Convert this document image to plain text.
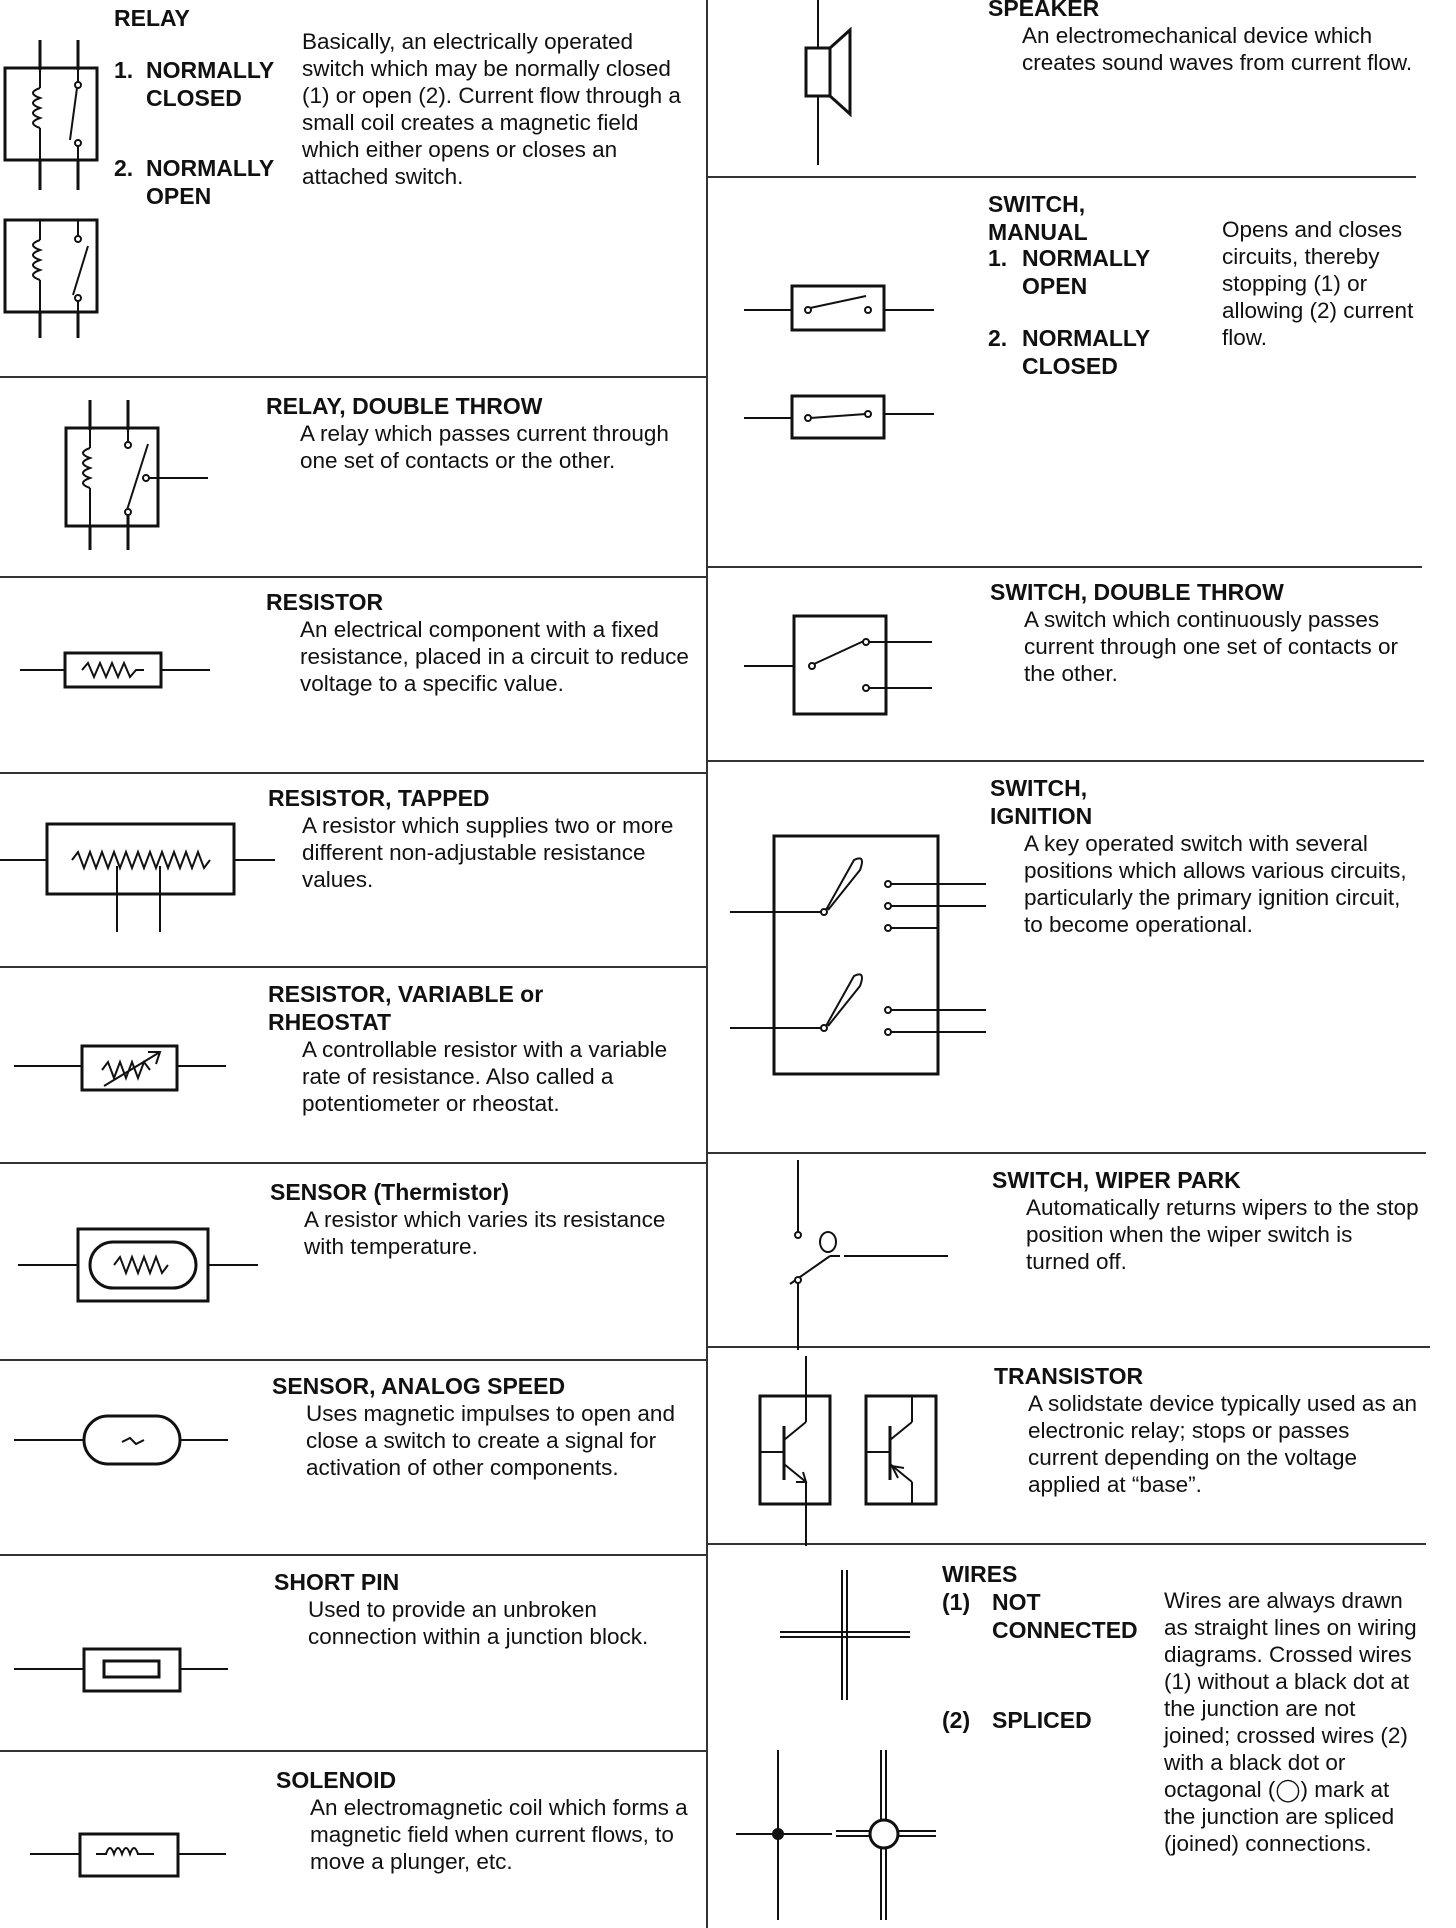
RELAY
1. NORMALLY
CLOSED
2. NORMALLY
OPEN
Basically, an electrically operated switch which may be normally closed (1) or open (2). Current flow through a small coil creates a magnetic field which either opens or closes an attached switch.
RELAY, DOUBLE THROW
A relay which passes current through one set of contacts or the other.
RESISTOR
An electrical component with a fixed resistance, placed in a circuit to reduce voltage to a specific value.
RESISTOR, TAPPED
A resistor which supplies two or more different non-adjustable resistance values.
RESISTOR, VARIABLE or
RHEOSTAT
A controllable resistor with a variable rate of resistance. Also called a potentiometer or rheostat.
SENSOR (Thermistor)
A resistor which varies its resistance with temperature.
SENSOR, ANALOG SPEED
Uses magnetic impulses to open and close a switch to create a signal for activation of other components.
SHORT PIN
Used to provide an unbroken connection within a junction block.
SOLENOID
An electromagnetic coil which forms a magnetic field when current flows, to move a plunger, etc.
SPEAKER
An electromechanical device which creates sound waves from current flow.
SWITCH, MANUAL
1. NORMALLY
OPEN
2. NORMALLY
CLOSED
Opens and closes circuits, thereby stopping (1) or allowing (2) current flow.
SWITCH, DOUBLE THROW
A switch which continuously passes current through one set of contacts or the other.
SWITCH,
IGNITION
A key operated switch with several positions which allows various circuits, particularly the primary ignition circuit, to become operational.
SWITCH, WIPER PARK
Automatically returns wipers to the stop position when the wiper switch is turned off.
TRANSISTOR
A solidstate device typically used as an electronic relay; stops or passes current depending on the voltage applied at “base”.
WIRES
(1) NOT
CONNECTED
(2) SPLICED
Wires are always drawn as straight lines on wiring diagrams. Crossed wires (1) without a black dot at the junction are not joined; crossed wires (2) with a black dot or octagonal (◯) mark at the junction are spliced (joined) connections.
